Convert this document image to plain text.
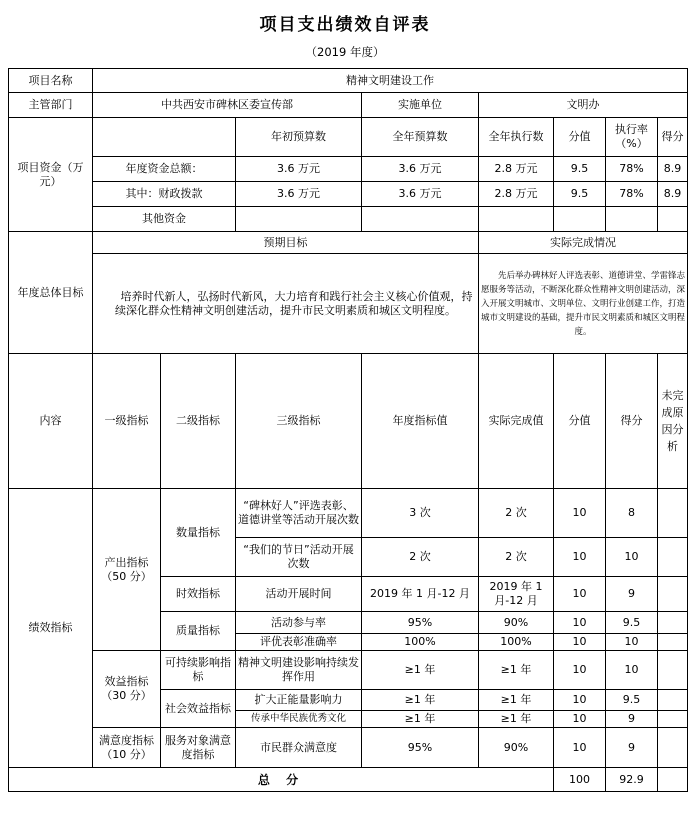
项目支出绩效自评表
（2019 年度）
项目名称	精神文明建设工作							
主管部门	中共西安市碑林区委宣传部			实施单位	文明办			
项目资金（万元）			年初预算数	全年预算数	全年执行数	分值	执行率（%）	得分
	年度资金总额：		3.6 万元	3.6 万元	2.8 万元	9.5	78%	8.9
	其中：财政拨款		3.6 万元	3.6 万元	2.8 万元	9.5	78%	8.9
	其他资金							
年度总体目标	预期目标				实际完成情况			
	培养时代新人，弘扬时代新风，大力培育和践行社会主义核心价值观，持续深化群众性精神文明创建活动，提升市民文明素质和城区文明程度。				先后举办碑林好人评选表彰、道德讲堂、学雷锋志愿服务等活动，不断深化群众性精神文明创建活动，深入开展文明城市、文明单位、文明行业创建工作，打造城市文明建设的基础，提升市民文明素质和城区文明程度。			
内容	一级指标	二级指标	三级指标	年度指标值	实际完成值	分值	得分	未完成原因分析
绩效指标	产出指标（50 分）	数量指标	“碑林好人”评选表彰、道德讲堂等活动开展次数	3 次	2 次	10	8	
			“我们的节日”活动开展次数	2 次	2 次	10	10	
		时效指标	活动开展时间	2019 年 1 月-12 月	2019 年 1 月-12 月	10	9	
		质量指标	活动参与率	95%	90%	10	9.5	
			评优表彰准确率	100%	100%	10	10	
	效益指标（30 分）	可持续影响指标	精神文明建设影响持续发挥作用	≥1 年	≥1 年	10	10	
		社会效益指标	扩大正能量影响力	≥1 年	≥1 年	10	9.5	
			传承中华民族优秀文化	≥1 年	≥1 年	10	9	
	满意度指标（10 分）	服务对象满意度指标	市民群众满意度	95%	90%	10	9	
总 分						100	92.9	
